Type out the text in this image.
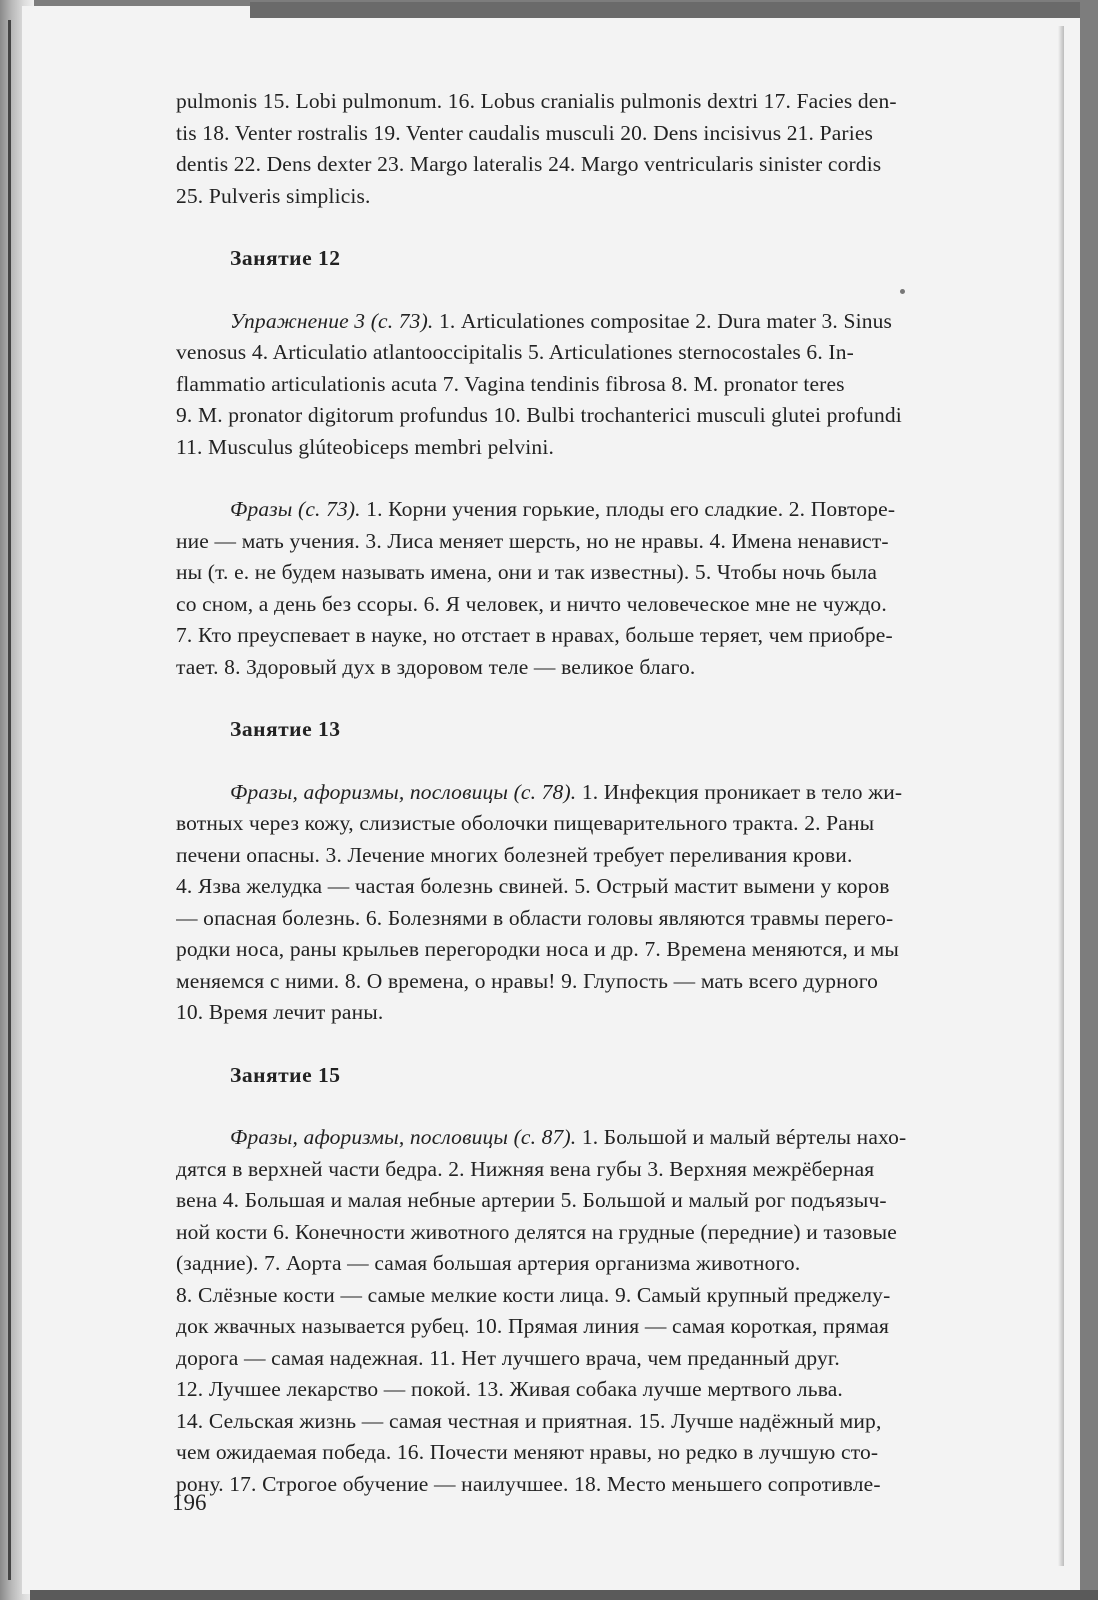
pulmonis 15. Lobi pulmonum. 16. Lobus cranialis pulmonis dextri 17. Facies den-
tis 18. Venter rostralis 19. Venter caudalis musculi 20. Dens incisivus 21. Paries
dentis 22. Dens dexter 23. Margo lateralis 24. Margo ventricularis sinister cordis
25. Pulveris simplicis.
Занятие 12
Упражнение 3 (с. 73). 1. Articulationes compositae 2. Dura mater 3. Sinus
venosus 4. Articulatio atlantooccipitalis 5. Articulationes sternocostales 6. In-
flammatio articulationis acuta 7. Vagina tendinis fibrosa 8. M. pronator teres
9. M. pronator digitorum profundus 10. Bulbi trochanterici musculi glutei profundi
11. Musculus glúteobiceps membri pelvini.
Фразы (с. 73). 1. Корни учения горькие, плоды его сладкие. 2. Повторе-
ние — мать учения. 3. Лиса меняет шерсть, но не нравы. 4. Имена ненавист-
ны (т. е. не будем называть имена, они и так известны). 5. Чтобы ночь была
со сном, а день без ссоры. 6. Я человек, и ничто человеческое мне не чуждо.
7. Кто преуспевает в науке, но отстает в нравах, больше теряет, чем приобре-
тает. 8. Здоровый дух в здоровом теле — великое благо.
Занятие 13
Фразы, афоризмы, пословицы (с. 78). 1. Инфекция проникает в тело жи-
вотных через кожу, слизистые оболочки пищеварительного тракта. 2. Раны
печени опасны. 3. Лечение многих болезней требует переливания крови.
4. Язва желудка — частая болезнь свиней. 5. Острый мастит вымени у коров
— опасная болезнь. 6. Болезнями в области головы являются травмы перего-
родки носа, раны крыльев перегородки носа и др. 7. Времена меняются, и мы
меняемся с ними. 8. О времена, о нравы! 9. Глупость — мать всего дурного
10. Время лечит раны.
Занятие 15
Фразы, афоризмы, пословицы (с. 87). 1. Большой и малый вéртелы нахо-
дятся в верхней части бедра. 2. Нижняя вена губы 3. Верхняя межрёберная
вена 4. Большая и малая небные артерии 5. Большой и малый рог подъязыч-
ной кости 6. Конечности животного делятся на грудные (передние) и тазовые
(задние). 7. Аорта — самая большая артерия организма животного.
8. Слёзные кости — самые мелкие кости лица. 9. Самый крупный преджелу-
док жвачных называется рубец. 10. Прямая линия — самая короткая, прямая
дорога — самая надежная. 11. Нет лучшего врача, чем преданный друг.
12. Лучшее лекарство — покой. 13. Живая собака лучше мертвого льва.
14. Сельская жизнь — самая честная и приятная. 15. Лучше надёжный мир,
чем ожидаемая победа. 16. Почести меняют нравы, но редко в лучшую сто-
рону. 17. Строгое обучение — наилучшее. 18. Место меньшего сопротивле-
196
